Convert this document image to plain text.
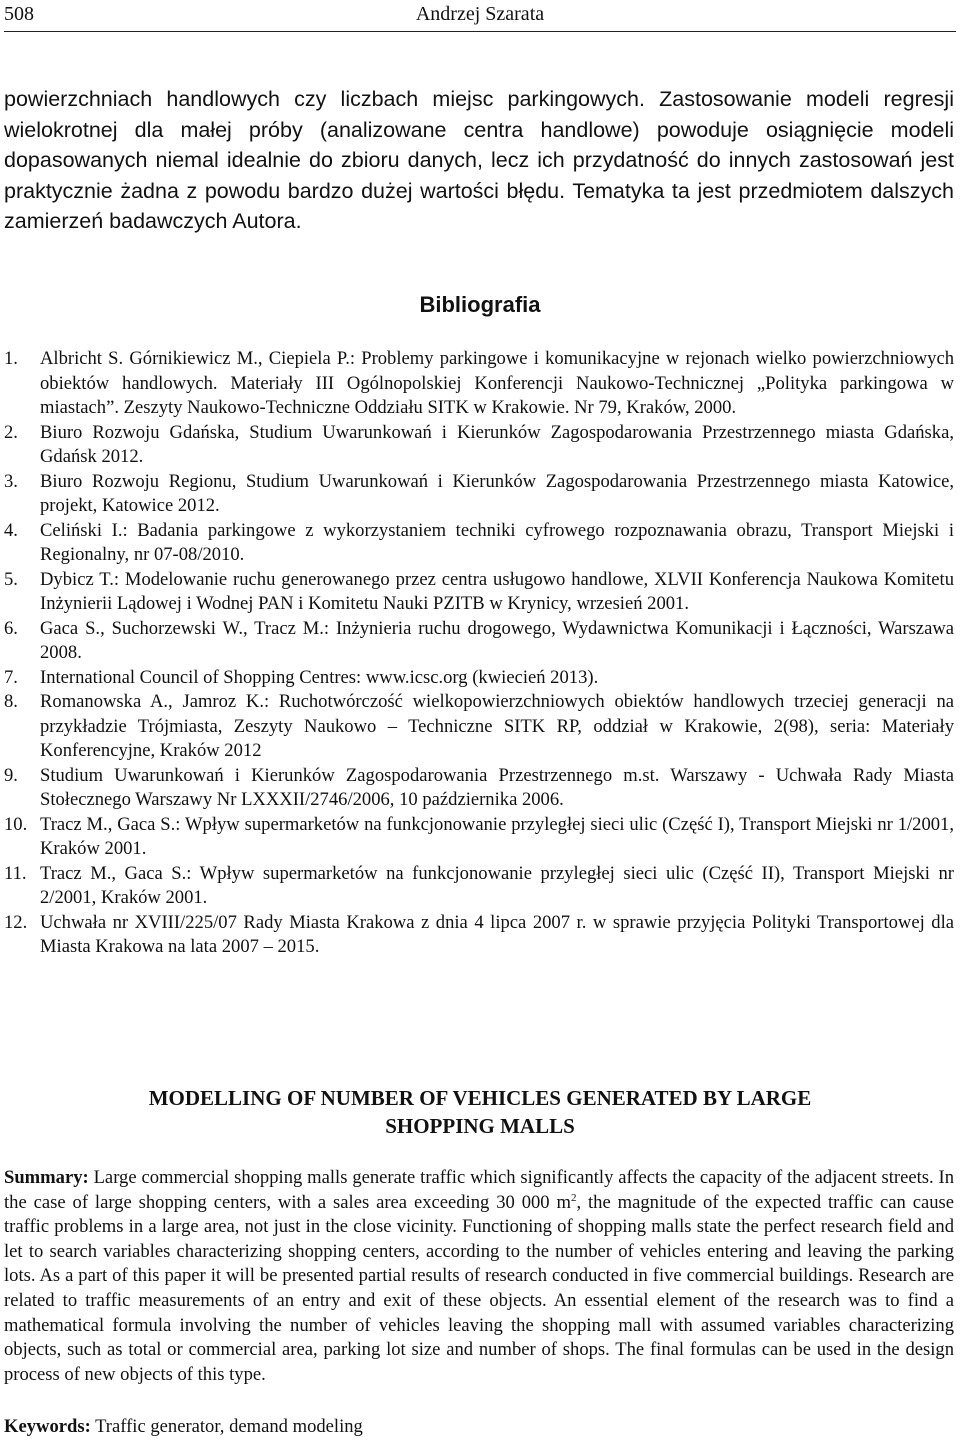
508	Andrzej Szarata

powierzchniach handlowych czy liczbach miejsc parkingowych. Zastosowanie modeli regresji wielokrotnej dla małej próby (analizowane centra handlowe) powoduje osiągnięcie modeli dopasowanych niemal idealnie do zbioru danych, lecz ich przydatność do innych zastosowań jest praktycznie żadna z powodu bardzo dużej wartości błędu. Tematyka ta jest przedmiotem dalszych zamierzeń badawczych Autora.

Bibliografia
1. Albricht S. Górnikiewicz M., Ciepiela P.: Problemy parkingowe i komunikacyjne w rejonach wielko powierzchniowych obiektów handlowych. Materiały III Ogólnopolskiej Konferencji Naukowo-Technicznej „Polityka parkingowa w miastach”. Zeszyty Naukowo-Techniczne Oddziału SITK w Krakowie. Nr 79, Kraków, 2000.
2. Biuro Rozwoju Gdańska, Studium Uwarunkowań i Kierunków Zagospodarowania Przestrzennego miasta Gdańska, Gdańsk 2012.
3. Biuro Rozwoju Regionu, Studium Uwarunkowań i Kierunków Zagospodarowania Przestrzennego miasta Katowice, projekt, Katowice 2012.
4. Celiński I.: Badania parkingowe z wykorzystaniem techniki cyfrowego rozpoznawania obrazu, Transport Miejski i Regionalny, nr 07-08/2010.
5. Dybicz T.: Modelowanie ruchu generowanego przez centra usługowo handlowe, XLVII Konferencja Naukowa Komitetu Inżynierii Lądowej i Wodnej PAN i Komitetu Nauki PZITB w Krynicy, wrzesień 2001.
6. Gaca S., Suchorzewski W., Tracz M.: Inżynieria ruchu drogowego, Wydawnictwa Komunikacji i Łączności, Warszawa 2008.
7. International Council of Shopping Centres: www.icsc.org (kwiecień 2013).
8. Romanowska A., Jamroz K.: Ruchotwórczość wielkopowierzchniowych obiektów handlowych trzeciej generacji na przykładzie Trójmiasta, Zeszyty Naukowo – Techniczne SITK RP, oddział w Krakowie, 2(98), seria: Materiały Konferencyjne, Kraków 2012
9. Studium Uwarunkowań i Kierunków Zagospodarowania Przestrzennego m.st. Warszawy - Uchwała Rady Miasta Stołecznego Warszawy Nr LXXXII/2746/2006, 10 października 2006.
10. Tracz M., Gaca S.: Wpływ supermarketów na funkcjonowanie przyległej sieci ulic (Część I), Transport Miejski nr 1/2001, Kraków 2001.
11. Tracz M., Gaca S.: Wpływ supermarketów na funkcjonowanie przyległej sieci ulic (Część II), Transport Miejski nr 2/2001, Kraków 2001.
12. Uchwała nr XVIII/225/07 Rady Miasta Krakowa z dnia 4 lipca 2007 r. w sprawie przyjęcia Polityki Transportowej dla Miasta Krakowa na lata 2007 – 2015.
MODELLING OF NUMBER OF VEHICLES GENERATED BY LARGE
SHOPPING MALLS

Summary: Large commercial shopping malls generate traffic which significantly affects the capacity of the adjacent streets. In the case of large shopping centers, with a sales area exceeding 30 000 $m^2$, the magnitude of the expected traffic can cause traffic problems in a large area, not just in the close vicinity. Functioning of shopping malls state the perfect research field and let to search variables characterizing shopping centers, according to the number of vehicles entering and leaving the parking lots. As a part of this paper it will be presented partial results of research conducted in five commercial buildings. Research are related to traffic measurements of an entry and exit of these objects. An essential element of the research was to find a mathematical formula involving the number of vehicles leaving the shopping mall with assumed variables characterizing objects, such as total or commercial area, parking lot size and number of shops. The final formulas can be used in the design process of new objects of this type.

Keywords: Traffic generator, demand modeling
